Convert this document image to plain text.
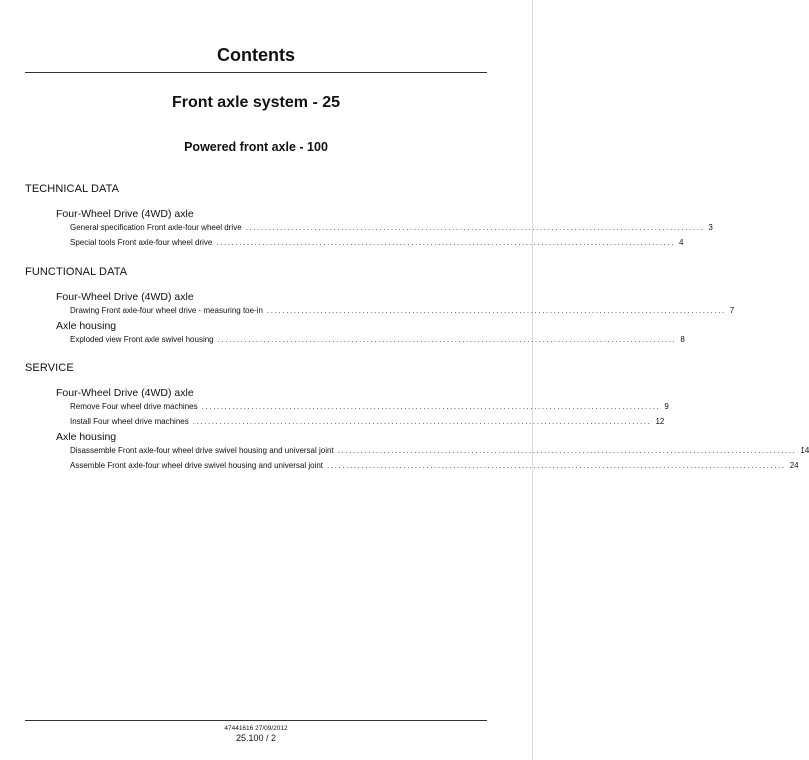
Contents
Front axle system - 25
Powered front axle - 100
TECHNICAL DATA
Four-Wheel Drive (4WD) axle
General specification Front axle-four wheel drive ........................................................................................................................ 3
Special tools Front axle-four wheel drive ........................................................................................................................ 4
FUNCTIONAL DATA
Four-Wheel Drive (4WD) axle
Drawing Front axle-four wheel drive - measuring toe-in ........................................................................................................................ 7
Axle housing
Exploded view Front axle swivel housing ........................................................................................................................ 8
SERVICE
Four-Wheel Drive (4WD) axle
Remove Four wheel drive machines ........................................................................................................................ 9
Install Four wheel drive machines ........................................................................................................................ 12
Axle housing
Disassemble Front axle-four wheel drive swivel housing and universal joint ........................................................................................................................ 14
Assemble Front axle-four wheel drive swivel housing and universal joint ........................................................................................................................ 24
47441616 27/09/2012
25.100 / 2
